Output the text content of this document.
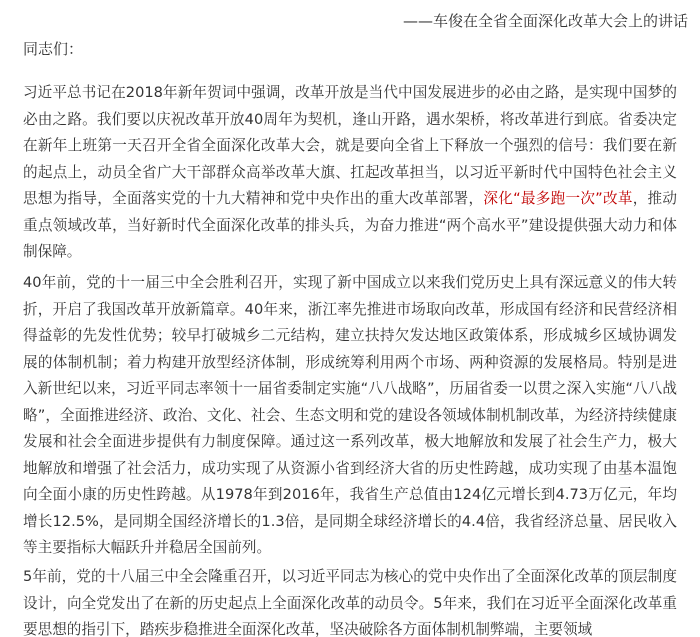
——车俊在全省全面深化改革大会上的讲话
同志们：

习近平总书记在2018年新年贺词中强调，改革开放是当代中国发展进步的必由之路，是实现中国梦的必由之路。我们要以庆祝改革开放40周年为契机，逢山开路，遇水架桥，将改革进行到底。省委决定在新年上班第一天召开全省全面深化改革大会，就是要向全省上下释放一个强烈的信号：我们要在新的起点上，动员全省广大干部群众高举改革大旗、扛起改革担当，以习近平新时代中国特色社会主义思想为指导，全面落实党的十九大精神和党中央作出的重大改革部署，深化“最多跑一次”改革，推动重点领域改革，当好新时代全面深化改革的排头兵，为奋力推进“两个高水平”建设提供强大动力和体制保障。

40年前，党的十一届三中全会胜利召开，实现了新中国成立以来我们党历史上具有深远意义的伟大转折，开启了我国改革开放新篇章。40年来，浙江率先推进市场取向改革，形成国有经济和民营经济相得益彰的先发性优势；较早打破城乡二元结构，建立扶持欠发达地区政策体系，形成城乡区域协调发展的体制机制；着力构建开放型经济体制，形成统筹利用两个市场、两种资源的发展格局。特别是进入新世纪以来，习近平同志率领十一届省委制定实施“八八战略”，历届省委一以贯之深入实施“八八战略”，全面推进经济、政治、文化、社会、生态文明和党的建设各领域体制机制改革，为经济持续健康发展和社会全面进步提供有力制度保障。通过这一系列改革，极大地解放和发展了社会生产力，极大地解放和增强了社会活力，成功实现了从资源小省到经济大省的历史性跨越，成功实现了由基本温饱向全面小康的历史性跨越。从1978年到2016年，我省生产总值由124亿元增长到4.73万亿元，年均增长12.5%，是同期全国经济增长的1.3倍，是同期全球经济增长的4.4倍，我省经济总量、居民收入等主要指标大幅跃升并稳居全国前列。

5年前，党的十八届三中全会隆重召开，以习近平同志为核心的党中央作出了全面深化改革的顶层制度设计，向全党发出了在新的历史起点上全面深化改革的动员令。5年来，我们在习近平全面深化改革重要思想的指引下，踏疾步稳推进全面深化改革，坚决破除各方面体制机制弊端，主要领域
